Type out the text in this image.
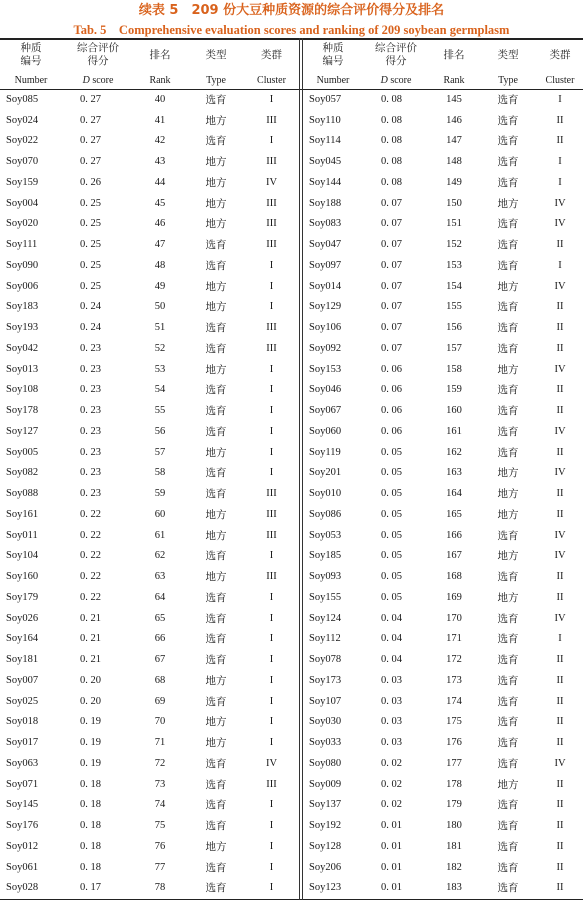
续表 5　209 份大豆种质资源的综合评价得分及排名
Tab. 5　Comprehensive evaluation scores and ranking of 209 soybean germplasm
种质
编号	综合评价
得分	排名	类型	类群
Number	D score	Rank	Type	Cluster
Soy085	0. 27	40	选育	I
Soy024	0. 27	41	地方	III
Soy022	0. 27	42	选育	I
Soy070	0. 27	43	地方	III
Soy159	0. 26	44	地方	IV
Soy004	0. 25	45	地方	III
Soy020	0. 25	46	地方	III
Soy111	0. 25	47	选育	III
Soy090	0. 25	48	选育	I
Soy006	0. 25	49	地方	I
Soy183	0. 24	50	地方	I
Soy193	0. 24	51	选育	III
Soy042	0. 23	52	选育	III
Soy013	0. 23	53	地方	I
Soy108	0. 23	54	选育	I
Soy178	0. 23	55	选育	I
Soy127	0. 23	56	选育	I
Soy005	0. 23	57	地方	I
Soy082	0. 23	58	选育	I
Soy088	0. 23	59	选育	III
Soy161	0. 22	60	地方	III
Soy011	0. 22	61	地方	III
Soy104	0. 22	62	选育	I
Soy160	0. 22	63	地方	III
Soy179	0. 22	64	选育	I
Soy026	0. 21	65	选育	I
Soy164	0. 21	66	选育	I
Soy181	0. 21	67	选育	I
Soy007	0. 20	68	地方	I
Soy025	0. 20	69	选育	I
Soy018	0. 19	70	地方	I
Soy017	0. 19	71	地方	I
Soy063	0. 19	72	选育	IV
Soy071	0. 18	73	选育	III
Soy145	0. 18	74	选育	I
Soy176	0. 18	75	选育	I
Soy012	0. 18	76	地方	I
Soy061	0. 18	77	选育	I
Soy028	0. 17	78	选育	I
种质
编号	综合评价
得分	排名	类型	类群
Number	D score	Rank	Type	Cluster
Soy057	0. 08	145	选育	I
Soy110	0. 08	146	选育	II
Soy114	0. 08	147	选育	II
Soy045	0. 08	148	选育	I
Soy144	0. 08	149	选育	I
Soy188	0. 07	150	地方	IV
Soy083	0. 07	151	选育	IV
Soy047	0. 07	152	选育	II
Soy097	0. 07	153	选育	I
Soy014	0. 07	154	地方	IV
Soy129	0. 07	155	选育	II
Soy106	0. 07	156	选育	II
Soy092	0. 07	157	选育	II
Soy153	0. 06	158	地方	IV
Soy046	0. 06	159	选育	II
Soy067	0. 06	160	选育	II
Soy060	0. 06	161	选育	IV
Soy119	0. 05	162	选育	II
Soy201	0. 05	163	地方	IV
Soy010	0. 05	164	地方	II
Soy086	0. 05	165	地方	II
Soy053	0. 05	166	选育	IV
Soy185	0. 05	167	地方	IV
Soy093	0. 05	168	选育	II
Soy155	0. 05	169	地方	II
Soy124	0. 04	170	选育	IV
Soy112	0. 04	171	选育	I
Soy078	0. 04	172	选育	II
Soy173	0. 03	173	选育	II
Soy107	0. 03	174	选育	II
Soy030	0. 03	175	选育	II
Soy033	0. 03	176	选育	II
Soy080	0. 02	177	选育	IV
Soy009	0. 02	178	地方	II
Soy137	0. 02	179	选育	II
Soy192	0. 01	180	选育	II
Soy128	0. 01	181	选育	II
Soy206	0. 01	182	选育	II
Soy123	0. 01	183	选育	II
